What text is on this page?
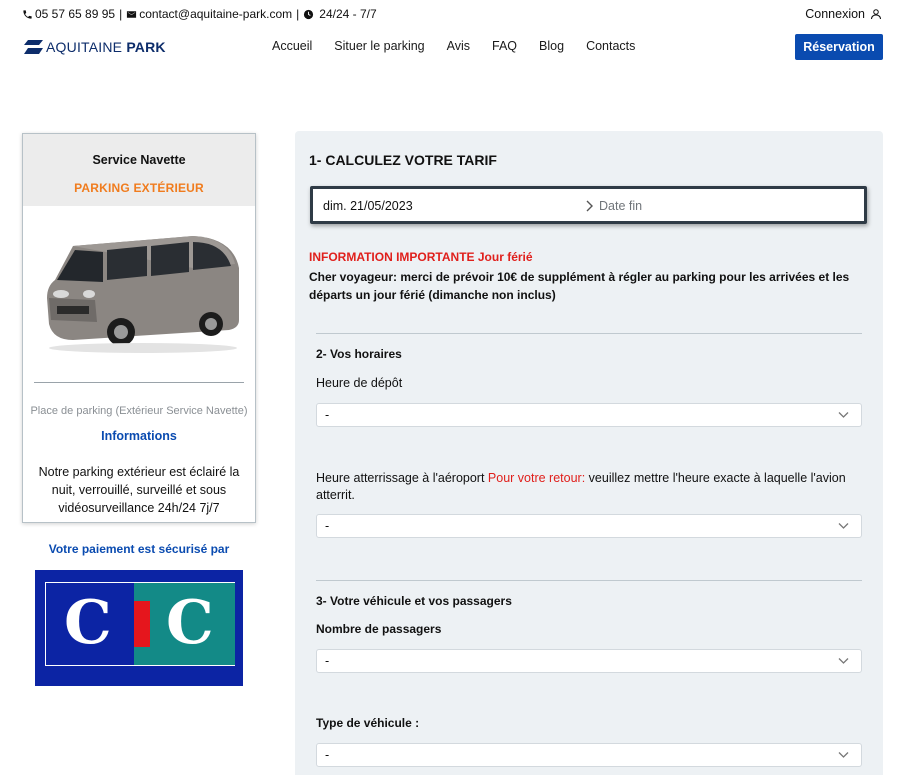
05 57 65 89 95 | contact@aquitaine-park.com | 24/24 - 7/7	Connexion
AQUITAINE PARK	Accueil Situer le parking Avis FAQ Blog Contacts	Réservation
Service Navette
PARKING EXTÉRIEUR
Place de parking (Extérieur Service Navette)
Informations
Notre parking extérieur est éclairé la nuit, verrouillé, surveillé et sous vidéosurveillance 24h/24 7j/7
Votre paiement est sécurisé par
C C
1- CALCULEZ VOTRE TARIF
dim. 21/05/2023	Date fin
INFORMATION IMPORTANTE Jour férié
Cher voyageur: merci de prévoir 10€ de supplément à régler au parking pour les arrivées et les départs un jour férié (dimanche non inclus)
2- Vos horaires
Heure de dépôt
-
Heure atterrissage à l'aéroport Pour votre retour: veuillez mettre l'heure exacte à laquelle l'avion atterrit.
-
3- Votre véhicule et vos passagers
Nombre de passagers
-
Type de véhicule :
-
